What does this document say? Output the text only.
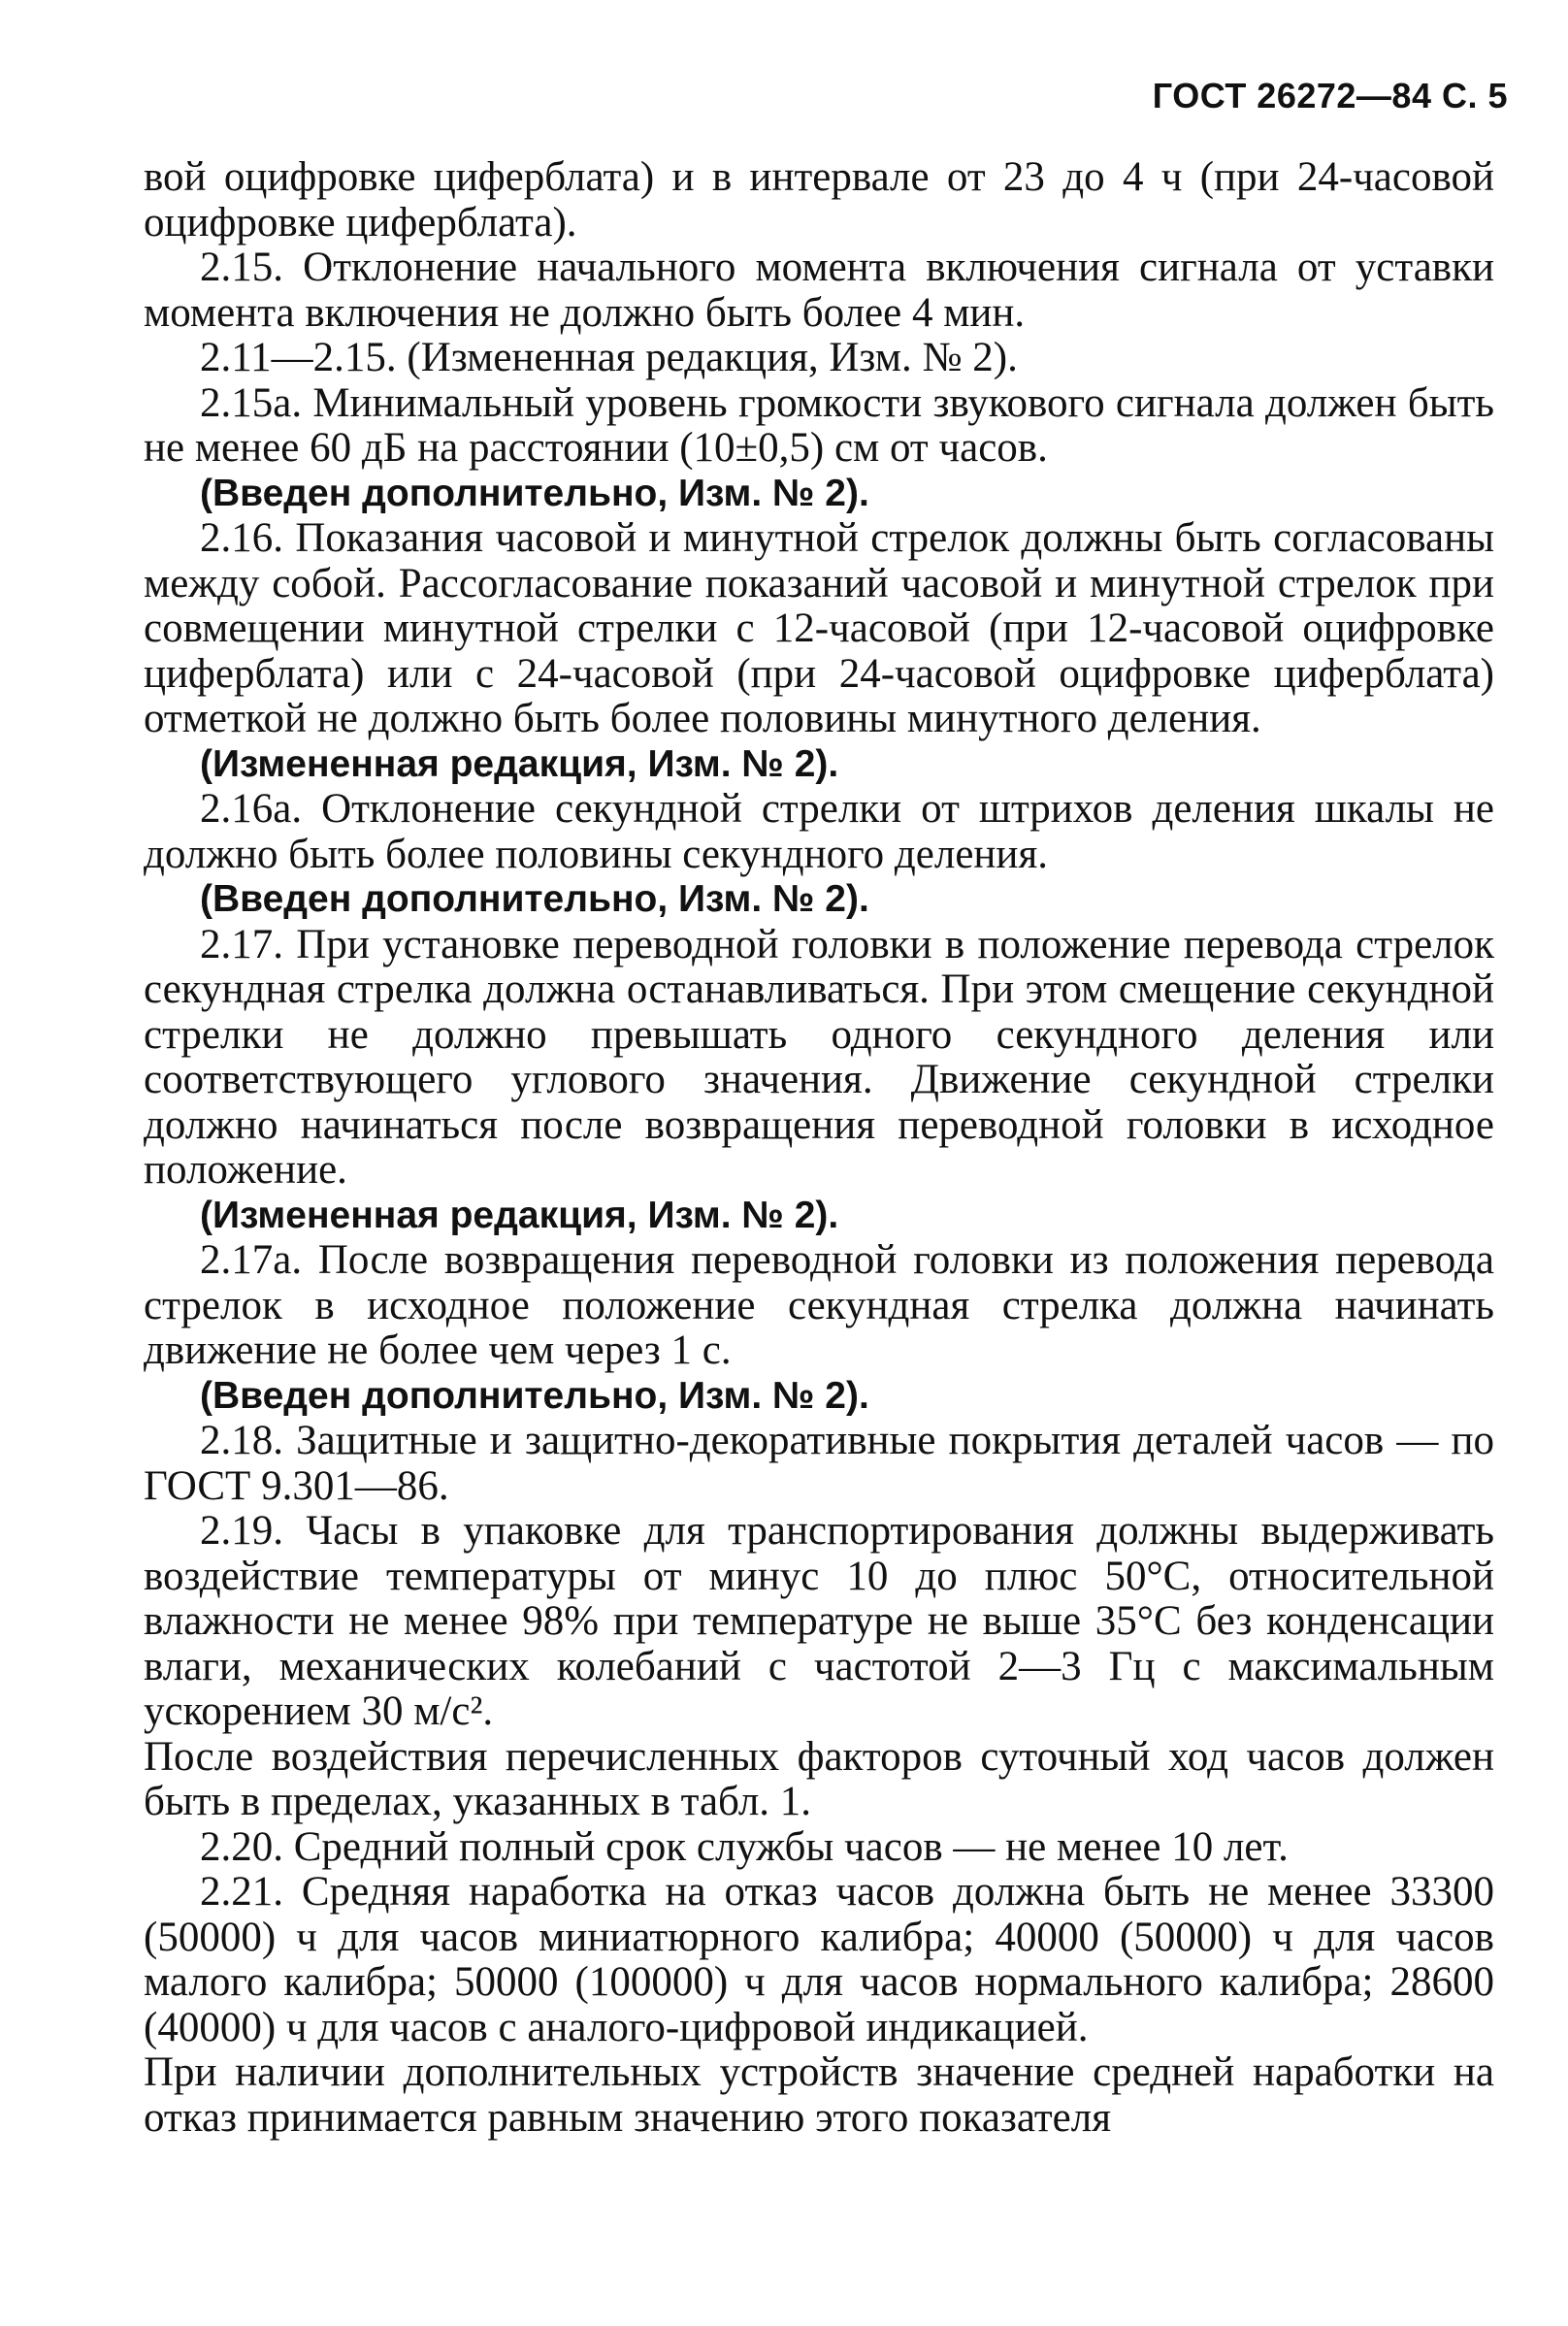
ГОСТ 26272—84 С. 5

вой оцифровке циферблата) и в интервале от 23 до 4 ч (при 24-часовой оцифровке циферблата).

2.15. Отклонение начального момента включения сигнала от уставки момента включения не должно быть более 4 мин.

2.11—2.15. (Измененная редакция, Изм. № 2).

2.15а. Минимальный уровень громкости звукового сигнала должен быть не менее 60 дБ на расстоянии (10±0,5) см от часов.

(Введен дополнительно, Изм. № 2).

2.16. Показания часовой и минутной стрелок должны быть согласованы между собой. Рассогласование показаний часовой и минутной стрелок при совмещении минутной стрелки с 12-часовой (при 12-часовой оцифровке циферблата) или с 24-часовой (при 24-часовой оцифровке циферблата) отметкой не должно быть более половины минутного деления.

(Измененная редакция, Изм. № 2).

2.16а. Отклонение секундной стрелки от штрихов деления шкалы не должно быть более половины секундного деления.

(Введен дополнительно, Изм. № 2).

2.17. При установке переводной головки в положение перевода стрелок секундная стрелка должна останавливаться. При этом смещение секундной стрелки не должно превышать одного секундного деления или соответствующего углового значения. Движение секундной стрелки должно начинаться после возвращения переводной головки в исходное положение.

(Измененная редакция, Изм. № 2).

2.17а. После возвращения переводной головки из положения перевода стрелок в исходное положение секундная стрелка должна начинать движение не более чем через 1 с.

(Введен дополнительно, Изм. № 2).

2.18. Защитные и защитно-декоративные покрытия деталей часов — по ГОСТ 9.301—86.

2.19. Часы в упаковке для транспортирования должны выдерживать воздействие температуры от минус 10 до плюс 50°С, относительной влажности не менее 98% при температуре не выше 35°С без конденсации влаги, механических колебаний с частотой 2—3 Гц с максимальным ускорением 30 м/с².

После воздействия перечисленных факторов суточный ход часов должен быть в пределах, указанных в табл. 1.

2.20. Средний полный срок службы часов — не менее 10 лет.

2.21. Средняя наработка на отказ часов должна быть не менее 33300 (50000) ч для часов миниатюрного калибра; 40000 (50000) ч для часов малого калибра; 50000 (100000) ч для часов нормального калибра; 28600 (40000) ч для часов с аналого-цифровой индикацией.

При наличии дополнительных устройств значение средней наработки на отказ принимается равным значению этого показателя
